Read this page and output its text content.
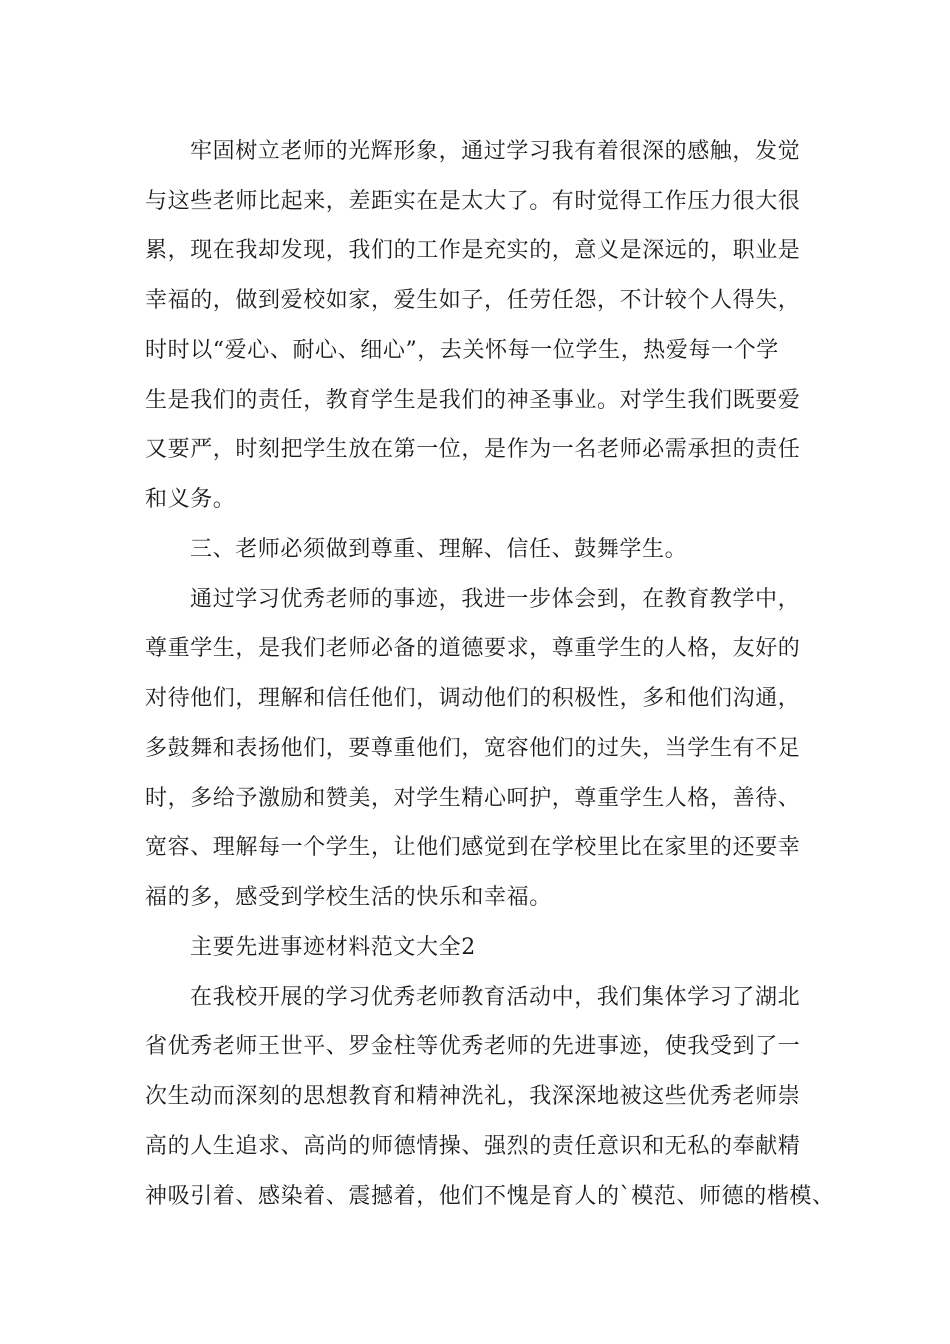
牢固树立老师的光辉形象，通过学习我有着很深的感触，发觉
与这些老师比起来，差距实在是太大了。有时觉得工作压力很大很
累，现在我却发现，我们的工作是充实的，意义是深远的，职业是
幸福的，做到爱校如家，爱生如子，任劳任怨，不计较个人得失，
时时以“爱心、耐心、细心”，去关怀每一位学生，热爱每一个学
生是我们的责任，教育学生是我们的神圣事业。对学生我们既要爱
又要严，时刻把学生放在第一位，是作为一名老师必需承担的责任
和义务。
三、老师必须做到尊重、理解、信任、鼓舞学生。
通过学习优秀老师的事迹，我进一步体会到，在教育教学中，
尊重学生，是我们老师必备的道德要求，尊重学生的人格，友好的
对待他们，理解和信任他们，调动他们的积极性，多和他们沟通，
多鼓舞和表扬他们，要尊重他们，宽容他们的过失，当学生有不足
时，多给予激励和赞美，对学生精心呵护，尊重学生人格，善待、
宽容、理解每一个学生，让他们感觉到在学校里比在家里的还要幸
福的多，感受到学校生活的快乐和幸福。
主要先进事迹材料范文大全2
在我校开展的学习优秀老师教育活动中，我们集体学习了湖北
省优秀老师王世平、罗金柱等优秀老师的先进事迹，使我受到了一
次生动而深刻的思想教育和精神洗礼，我深深地被这些优秀老师崇
高的人生追求、高尚的师德情操、强烈的责任意识和无私的奉献精
神吸引着、感染着、震撼着，他们不愧是育人的`模范、师德的楷模、
